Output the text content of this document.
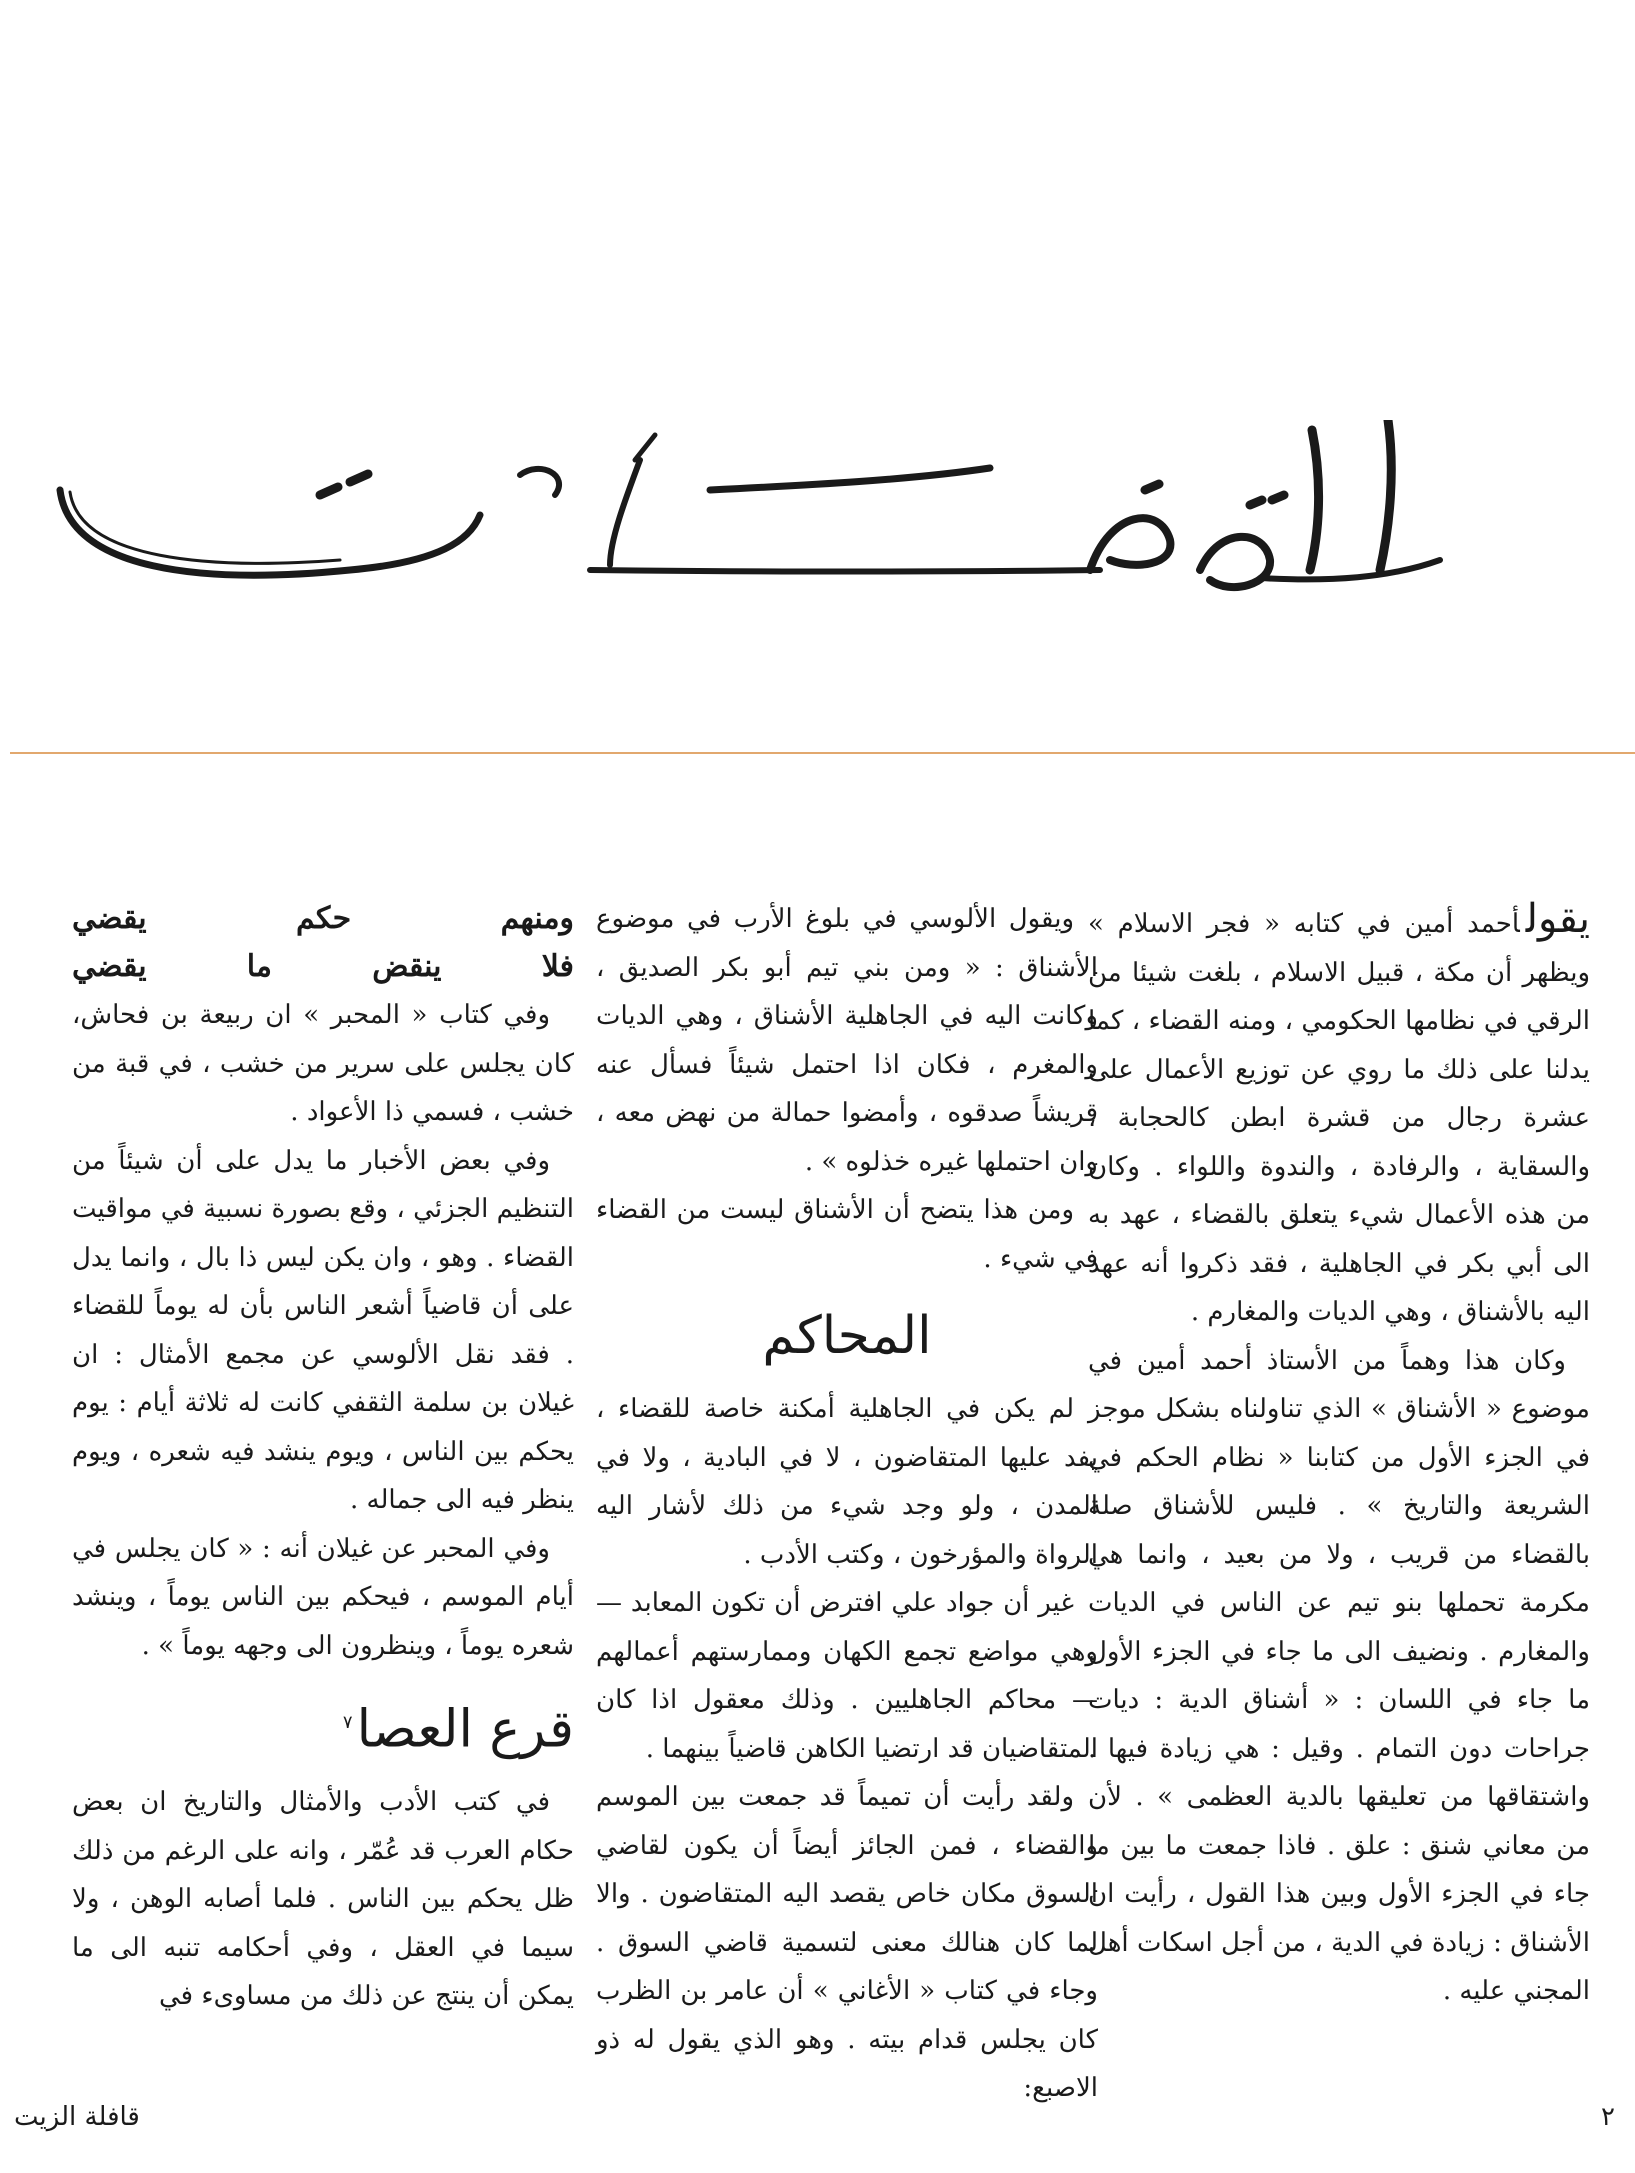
يقولأحمد أمين في كتابه « فجر الاسلام » ويظهر أن مكة ، قبيل الاسلام ، بلغت شيئا من الرقي في نظامها الحكومي ، ومنه القضاء ، كما يدلنا على ذلك ما روي عن توزيع الأعمال على عشرة رجال من قشرة ابطن كالحجابة ، والسقاية ، والرفادة ، والندوة واللواء . وكان من هذه الأعمال شيء يتعلق بالقضاء ، عهد به الى أبي بكر في الجاهلية ، فقد ذكروا أنه عهد اليه بالأشناق ، وهي الديات والمغارم .

وكان هذا وهماً من الأستاذ أحمد أمين في موضوع « الأشناق » الذي تناولناه بشكل موجز في الجزء الأول من كتابنا « نظام الحكم في الشريعة والتاريخ » . فليس للأشناق صلة بالقضاء من قريب ، ولا من بعيد ، وانما هي مكرمة تحملها بنو تيم عن الناس في الديات والمغارم . ونضيف الى ما جاء في الجزء الأول ما جاء في اللسان : « أشناق الدية : ديات جراحات دون التمام . وقيل : هي زيادة فيها . واشتقاقها من تعليقها بالدية العظمى » . لأن من معاني شنق : علق . فاذا جمعت ما بين ما جاء في الجزء الأول وبين هذا القول ، رأيت ان الأشناق : زيادة في الدية ، من أجل اسكات أهل المجني عليه .

ويقول الألوسي في بلوغ الأرب في موضوع الأشناق : « ومن بني تيم أبو بكر الصديق ، وكانت اليه في الجاهلية الأشناق ، وهي الديات والمغرم ، فكان اذا احتمل شيئاً فسأل عنه قريشاً صدقوه ، وأمضوا حمالة من نهض معه ، وان احتملها غيره خذلوه » .

ومن هذا يتضح أن الأشناق ليست من القضاء في شيء .

المحاكم

لم يكن في الجاهلية أمكنة خاصة للقضاء ، يفد عليها المتقاضون ، لا في البادية ، ولا في المدن ، ولو وجد شيء من ذلك لأشار اليه الرواة والمؤرخون ، وكتب الأدب .

غير أن جواد علي افترض أن تكون المعابد — وهي مواضع تجمع الكهان وممارستهم أعمالهم — محاكم الجاهليين . وذلك معقول اذا كان المتقاضيان قد ارتضيا الكاهن قاضياً بينهما .

ولقد رأيت أن تميماً قد جمعت بين الموسم والقضاء ، فمن الجائز أيضاً أن يكون لقاضي السوق مكان خاص يقصد اليه المتقاضون . والا لما كان هنالك معنى لتسمية قاضي السوق . وجاء في كتاب « الأغاني » أن عامر بن الظرب كان يجلس قدام بيته . وهو الذي يقول له ذو الاصبع:

ومنهم حكم يقضي
فلا ينقض ما يقضي

وفي كتاب « المحبر » ان ربيعة بن فحاش، كان يجلس على سرير من خشب ، في قبة من خشب ، فسمي ذا الأعواد .

وفي بعض الأخبار ما يدل على أن شيئاً من التنظيم الجزئي ، وقع بصورة نسبية في مواقيت القضاء . وهو ، وان يكن ليس ذا بال ، وانما يدل على أن قاضياً أشعر الناس بأن له يوماً للقضاء . فقد نقل الألوسي عن مجمع الأمثال : ان غيلان بن سلمة الثقفي كانت له ثلاثة أيام : يوم يحكم بين الناس ، ويوم ينشد فيه شعره ، ويوم ينظر فيه الى جماله .

وفي المحبر عن غيلان أنه : « كان يجلس في أيام الموسم ، فيحكم بين الناس يوماً ، وينشد شعره يوماً ، وينظرون الى وجهه يوماً » .

قرع العصا$^٧$

في كتب الأدب والأمثال والتاريخ ان بعض حكام العرب قد عُمّر ، وانه على الرغم من ذلك ظل يحكم بين الناس . فلما أصابه الوهن ، ولا سيما في العقل ، وفي أحكامه تنبه الى ما يمكن أن ينتج عن ذلك من مساوىء في

قافلة الزيت	٢
